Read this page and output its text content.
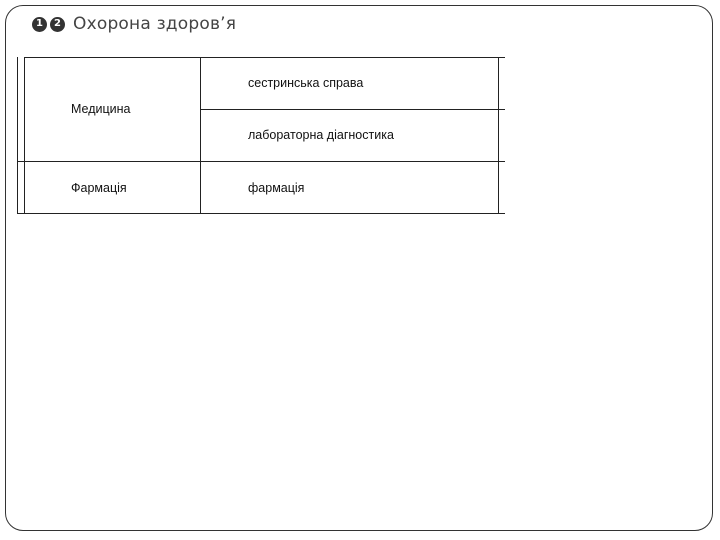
1	2 Охорона здоров’я
Медицина
сестринська справа
лабораторна діагностика
Фармація	фармація
